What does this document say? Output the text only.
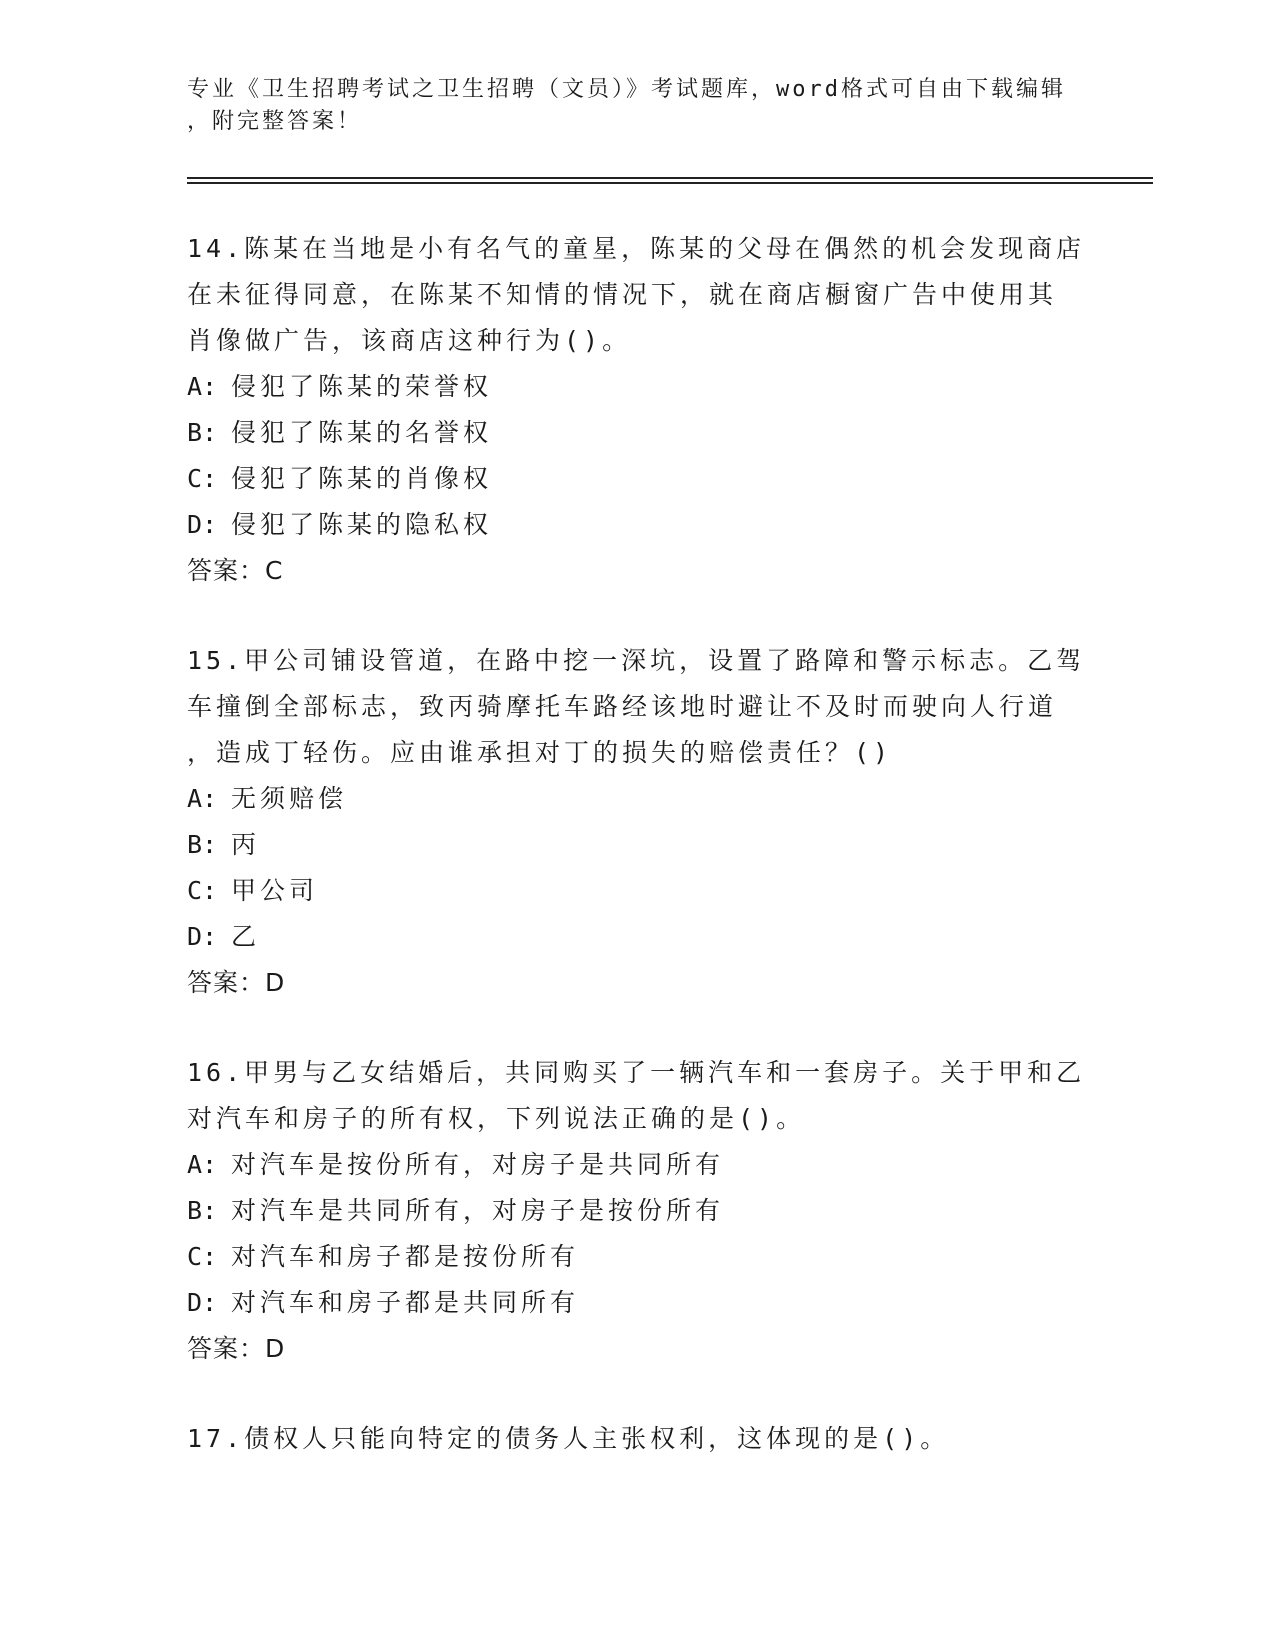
专业《卫生招聘考试之卫生招聘（文员）》考试题库，word格式可自由下载编辑
，附完整答案！
14.陈某在当地是小有名气的童星，陈某的父母在偶然的机会发现商店
在未征得同意，在陈某不知情的情况下，就在商店橱窗广告中使用其
肖像做广告，该商店这种行为()。
A: 侵犯了陈某的荣誉权
B: 侵犯了陈某的名誉权
C: 侵犯了陈某的肖像权
D: 侵犯了陈某的隐私权
答案：C
15.甲公司铺设管道，在路中挖一深坑，设置了路障和警示标志。乙驾
车撞倒全部标志，致丙骑摩托车路经该地时避让不及时而驶向人行道
，造成丁轻伤。应由谁承担对丁的损失的赔偿责任？()
A: 无须赔偿
B: 丙
C: 甲公司
D: 乙
答案：D
16.甲男与乙女结婚后，共同购买了一辆汽车和一套房子。关于甲和乙
对汽车和房子的所有权，下列说法正确的是()。
A: 对汽车是按份所有，对房子是共同所有
B: 对汽车是共同所有，对房子是按份所有
C: 对汽车和房子都是按份所有
D: 对汽车和房子都是共同所有
答案：D
17.债权人只能向特定的债务人主张权利，这体现的是()。
